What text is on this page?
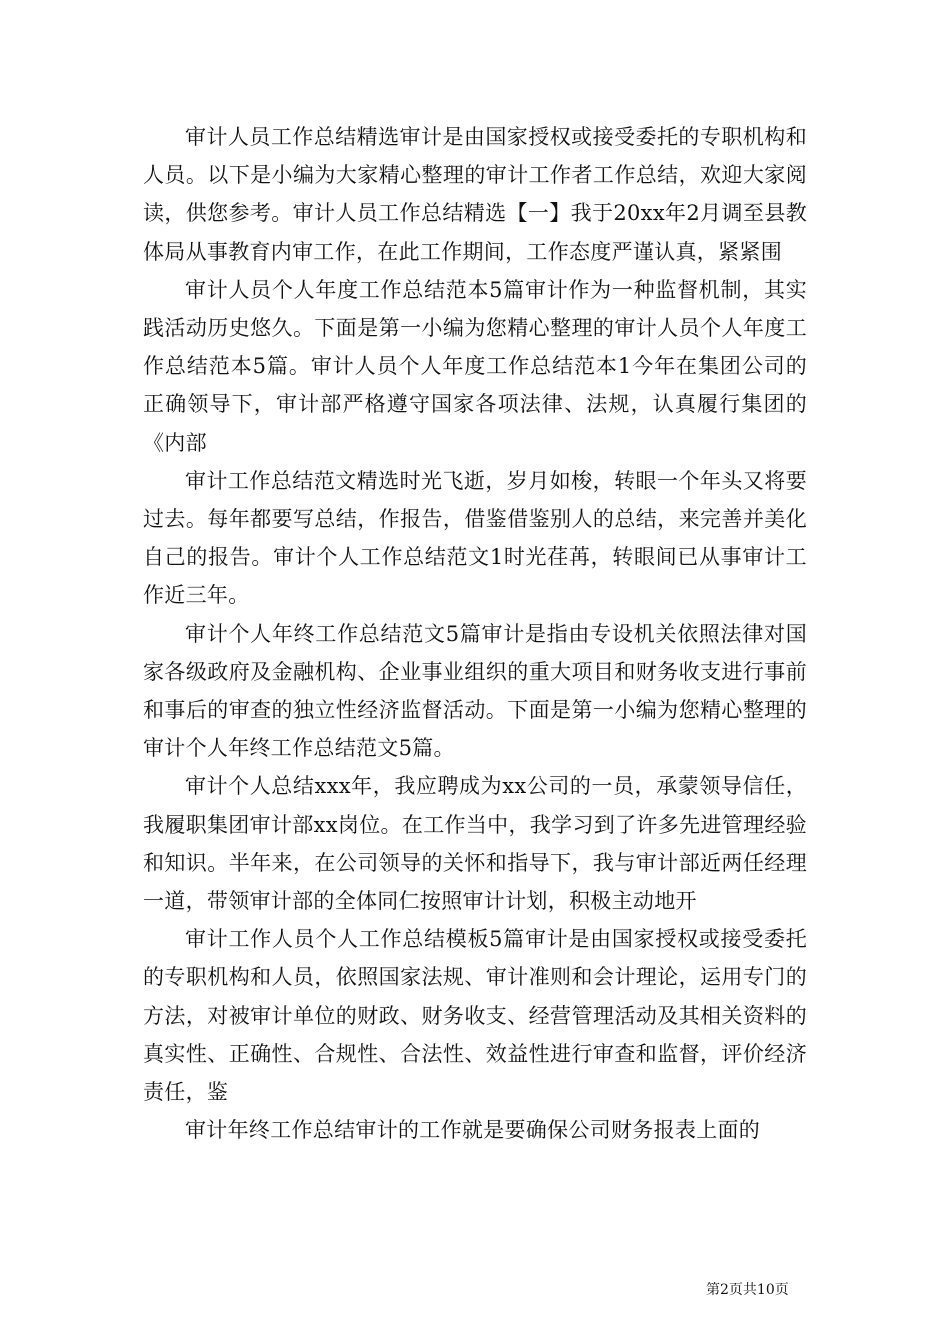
审计人员工作总结精选审计是由国家授权或接受委托的专职机构和人员。以下是小编为大家精心整理的审计工作者工作总结，欢迎大家阅读，供您参考。审计人员工作总结精选【一】我于20xx年2月调至县教体局从事教育内审工作，在此工作期间，工作态度严谨认真，紧紧围

审计人员个人年度工作总结范本5篇审计作为一种监督机制，其实践活动历史悠久。下面是第一小编为您精心整理的审计人员个人年度工作总结范本5篇。审计人员个人年度工作总结范本1今年在集团公司的正确领导下，审计部严格遵守国家各项法律、法规，认真履行集团的《内部

审计工作总结范文精选时光飞逝，岁月如梭，转眼一个年头又将要过去。每年都要写总结，作报告，借鉴借鉴别人的总结，来完善并美化自己的报告。审计个人工作总结范文1时光荏苒，转眼间已从事审计工作近三年。

审计个人年终工作总结范文5篇审计是指由专设机关依照法律对国家各级政府及金融机构、企业事业组织的重大项目和财务收支进行事前和事后的审查的独立性经济监督活动。下面是第一小编为您精心整理的审计个人年终工作总结范文5篇。

审计个人总结xxx年，我应聘成为xx公司的一员，承蒙领导信任，我履职集团审计部xx岗位。在工作当中，我学习到了许多先进管理经验和知识。半年来，在公司领导的关怀和指导下，我与审计部近两任经理一道，带领审计部的全体同仁按照审计计划，积极主动地开

审计工作人员个人工作总结模板5篇审计是由国家授权或接受委托的专职机构和人员，依照国家法规、审计准则和会计理论，运用专门的方法，对被审计单位的财政、财务收支、经营管理活动及其相关资料的真实性、正确性、合规性、合法性、效益性进行审查和监督，评价经济责任，鉴

审计年终工作总结审计的工作就是要确保公司财务报表上面的

第2页共10页
